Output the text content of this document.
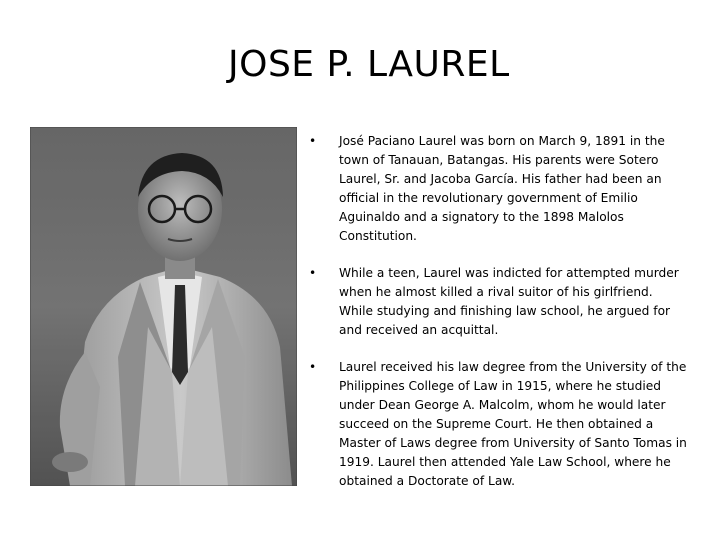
JOSE P. LAUREL
• José Paciano Laurel was born on March 9, 1891 in the town of Tanauan, Batangas. His parents were Sotero Laurel, Sr. and Jacoba García. His father had been an official in the revolutionary government of Emilio Aguinaldo and a signatory to the 1898 Malolos Constitution.
• While a teen, Laurel was indicted for attempted murder when he almost killed a rival suitor of his girlfriend. While studying and finishing law school, he argued for and received an acquittal.
• Laurel received his law degree from the University of the Philippines College of Law in 1915, where he studied under Dean George A. Malcolm, whom he would later succeed on the Supreme Court. He then obtained a Master of Laws degree from University of Santo Tomas in 1919. Laurel then attended Yale Law School, where he obtained a Doctorate of Law.
